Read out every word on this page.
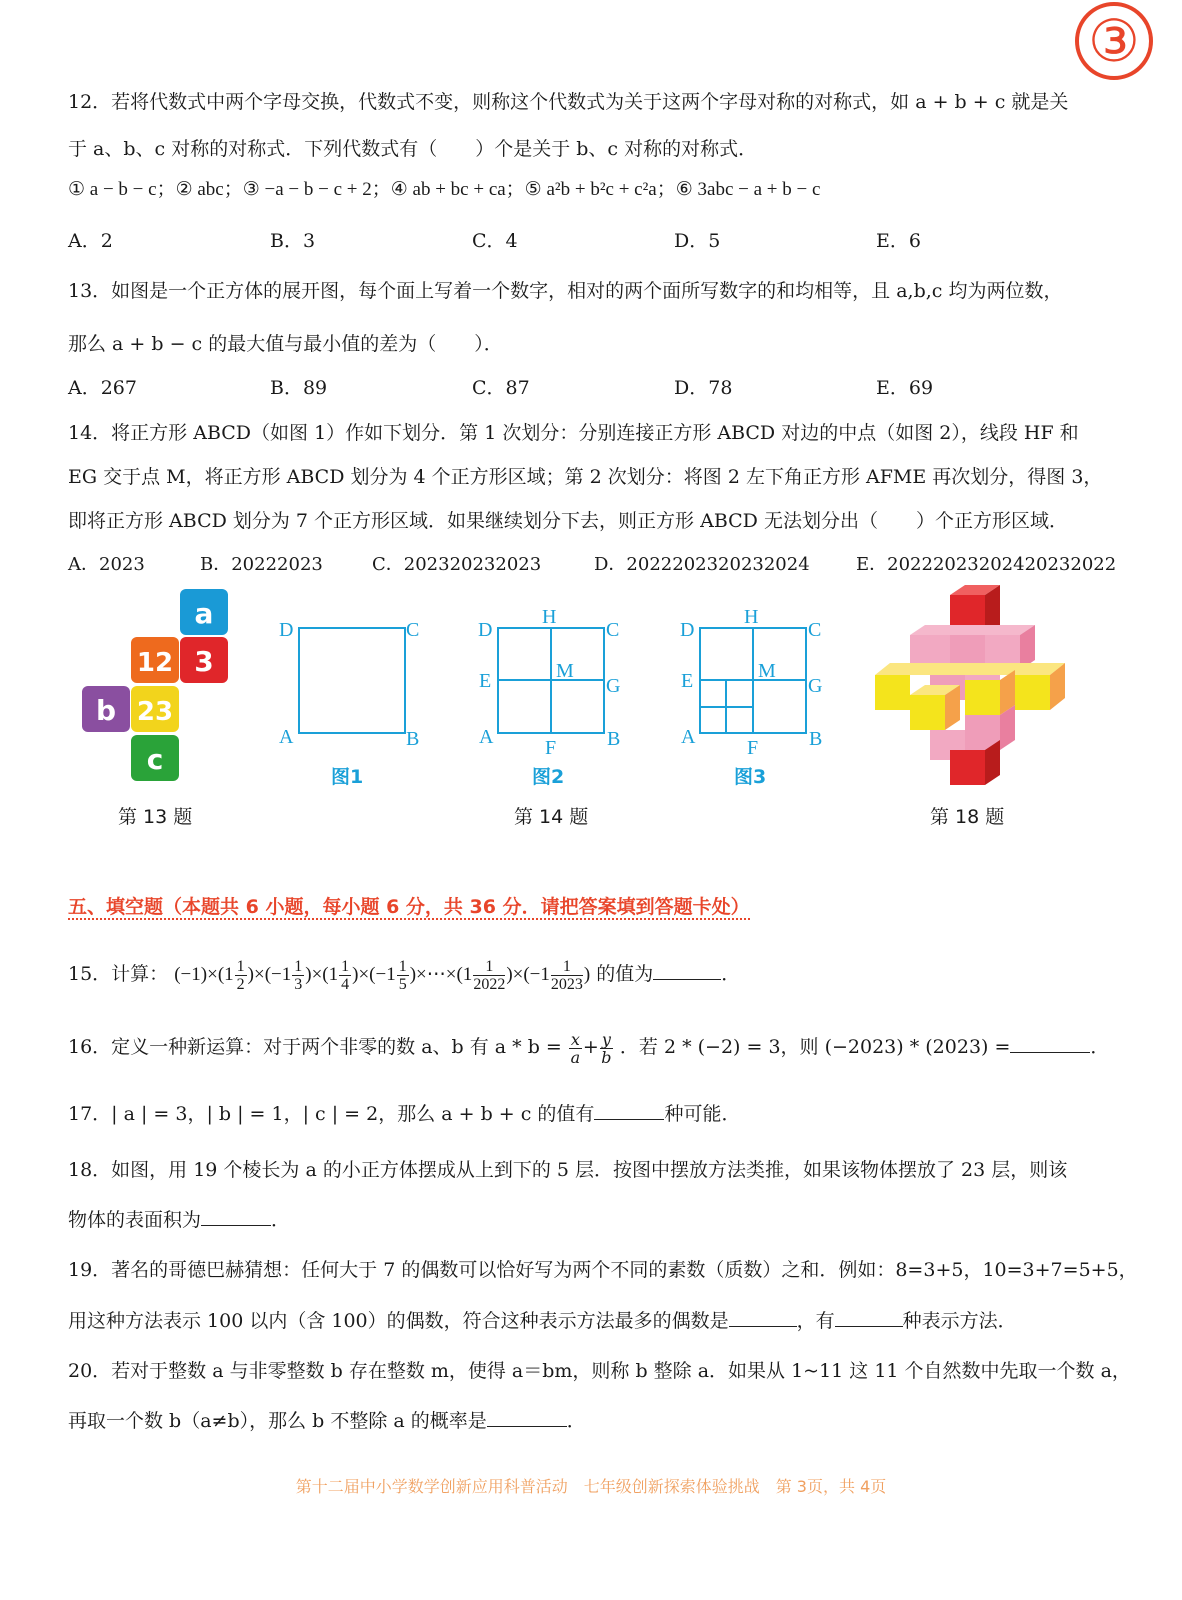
③
12．若将代数式中两个字母交换，代数式不变，则称这个代数式为关于这两个字母对称的对称式，如 a + b + c 就是关
于 a、b、c 对称的对称式．下列代数式有（　　）个是关于 b、c 对称的对称式．
① a − b − c；② abc；③ −a − b − c + 2；④ ab + bc + ca；⑤ a²b + b²c + c²a；⑥ 3abc − a + b − c
A．2	B．3	C．4	D．5	E．6
13．如图是一个正方体的展开图，每个面上写着一个数字，相对的两个面所写数字的和均相等，且 a,b,c 均为两位数，
那么 a + b − c 的最大值与最小值的差为（　　）．
A．267	B．89	C．87	D．78	E．69
14．将正方形 ABCD（如图 1）作如下划分．第 1 次划分：分别连接正方形 ABCD 对边的中点（如图 2），线段 HF 和
EG 交于点 M，将正方形 ABCD 划分为 4 个正方形区域；第 2 次划分：将图 2 左下角正方形 AFME 再次划分，得图 3，
即将正方形 ABCD 划分为 7 个正方形区域．如果继续划分下去，则正方形 ABCD 无法划分出（　　）个正方形区域．
A．2023	B．20222023	C．202320232023	D．2022202320232024	E．20222023202420232022
a
12 3
b 23
c
D	C
A	B
图1
D
H
C
E	M
G
A	F	B
图2
D
H
C
E	M
G
A	F	B
图3
第 13 题	第 14 题	第 18 题
五、填空题（本题共 6 小题，每小题 6 分，共 36 分．请把答案填到答题卡处）
15．计算： $(-1)\times(1 \frac{1}{2} )\times(-1 \frac{1}{3} )\times(1 \frac{1}{4} )\times(-1 \frac{1}{5}$ )×⋯×(1 $\frac{1}{2022} )\times(-1 \frac{1}{2023}$ ) 的值为	．
16．定义一种新运算：对于两个非零的数 a、b 有 $a * b = \frac{x}{a} + \frac{y}{b}$ ．若 2 * (−2) = 3，则 (−2023) * (2023) =	．
17．| a | = 3，| b | = 1，| c | = 2，那么 a + b + c 的值有	种可能．
18．如图，用 19 个棱长为 a 的小正方体摆成从上到下的 5 层．按图中摆放方法类推，如果该物体摆放了 23 层，则该
物体的表面积为	．
19．著名的哥德巴赫猜想：任何大于 7 的偶数可以恰好写为两个不同的素数（质数）之和．例如：8=3+5，10=3+7=5+5，
用这种方法表示 100 以内（含 100）的偶数，符合这种表示方法最多的偶数是	，有	种表示方法．
20．若对于整数 a 与非零整数 b 存在整数 m，使得 a＝bm，则称 b 整除 a．如果从 1~11 这 11 个自然数中先取一个数 a，
再取一个数 b（a≠b），那么 b 不整除 a 的概率是	．
第十二届中小学数学创新应用科普活动　七年级创新探索体验挑战　第 3页，共 4页
